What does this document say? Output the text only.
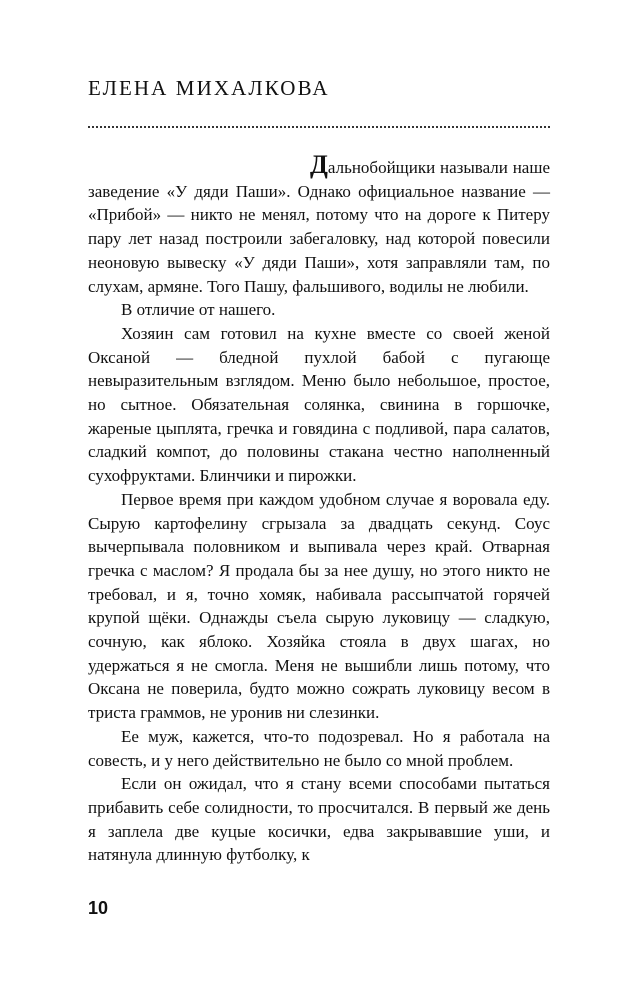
ЕЛЕНА МИХАЛКОВА

Дальнобойщики называли наше заведение «У дяди Паши». Однако официальное название — «Прибой» — никто не менял, потому что на дороге к Питеру пару лет назад построили забегаловку, над которой повесили неоновую вывеску «У дяди Паши», хотя заправляли там, по слухам, армяне. Того Пашу, фальшивого, водилы не любили.

В отличие от нашего.

Хозяин сам готовил на кухне вместе со своей женой Оксаной — бледной пухлой бабой с пугающе невыразительным взглядом. Меню было небольшое, простое, но сытное. Обязательная солянка, свинина в горшочке, жареные цыплята, гречка и говядина с подливой, пара салатов, сладкий компот, до половины стакана честно наполненный сухофруктами. Блинчики и пирожки.

Первое время при каждом удобном случае я воровала еду. Сырую картофелину сгрызала за двадцать секунд. Соус вычерпывала половником и выпивала через край. Отварная гречка с маслом? Я продала бы за нее душу, но этого никто не требовал, и я, точно хомяк, набивала рассыпчатой горячей крупой щёки. Однажды съела сырую луковицу — сладкую, сочную, как яблоко. Хозяйка стояла в двух шагах, но удержаться я не смогла. Меня не вышибли лишь потому, что Оксана не поверила, будто можно сожрать луковицу весом в триста граммов, не уронив ни слезинки.

Ее муж, кажется, что-то подозревал. Но я работала на совесть, и у него действительно не было со мной проблем.

Если он ожидал, что я стану всеми способами пытаться прибавить себе солидности, то просчитался. В первый же день я заплела две куцые косички, едва закрывавшие уши, и натянула длинную футболку, к

10
